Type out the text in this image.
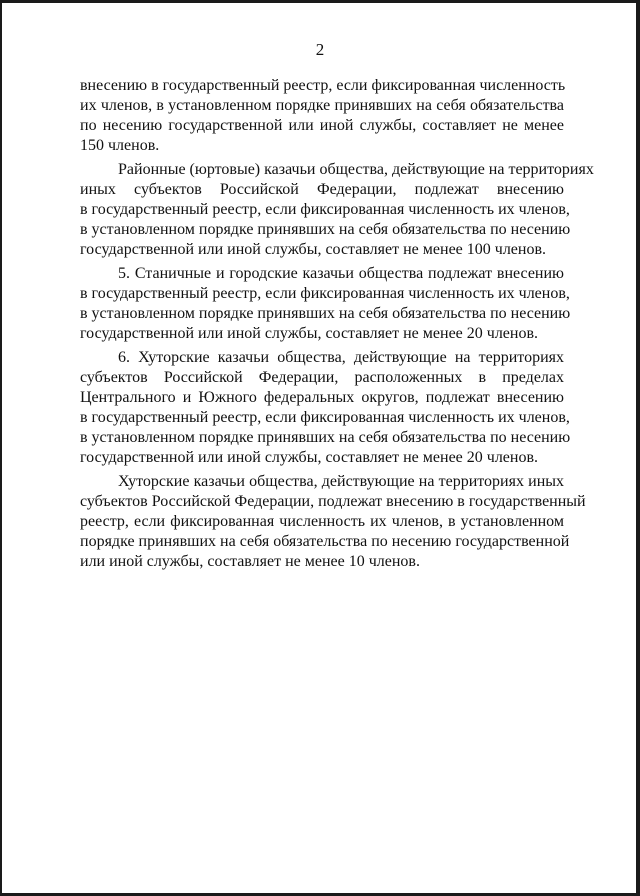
2
внесению в государственный реестр, если фиксированная численность
их членов, в установленном порядке принявших на себя обязательства
по несению государственной или иной службы, составляет не менее
150 членов.
Районные (юртовые) казачьи общества, действующие на территориях
иных субъектов Российской Федерации, подлежат внесению
в государственный реестр, если фиксированная численность их членов,
в установленном порядке принявших на себя обязательства по несению
государственной или иной службы, составляет не менее 100 членов.
5. Станичные и городские казачьи общества подлежат внесению
в государственный реестр, если фиксированная численность их членов,
в установленном порядке принявших на себя обязательства по несению
государственной или иной службы, составляет не менее 20 членов.
6. Хуторские казачьи общества, действующие на территориях
субъектов Российской Федерации, расположенных в пределах
Центрального и Южного федеральных округов, подлежат внесению
в государственный реестр, если фиксированная численность их членов,
в установленном порядке принявших на себя обязательства по несению
государственной или иной службы, составляет не менее 20 членов.
Хуторские казачьи общества, действующие на территориях иных
субъектов Российской Федерации, подлежат внесению в государственный
реестр, если фиксированная численность их членов, в установленном
порядке принявших на себя обязательства по несению государственной
или иной службы, составляет не менее 10 членов.
